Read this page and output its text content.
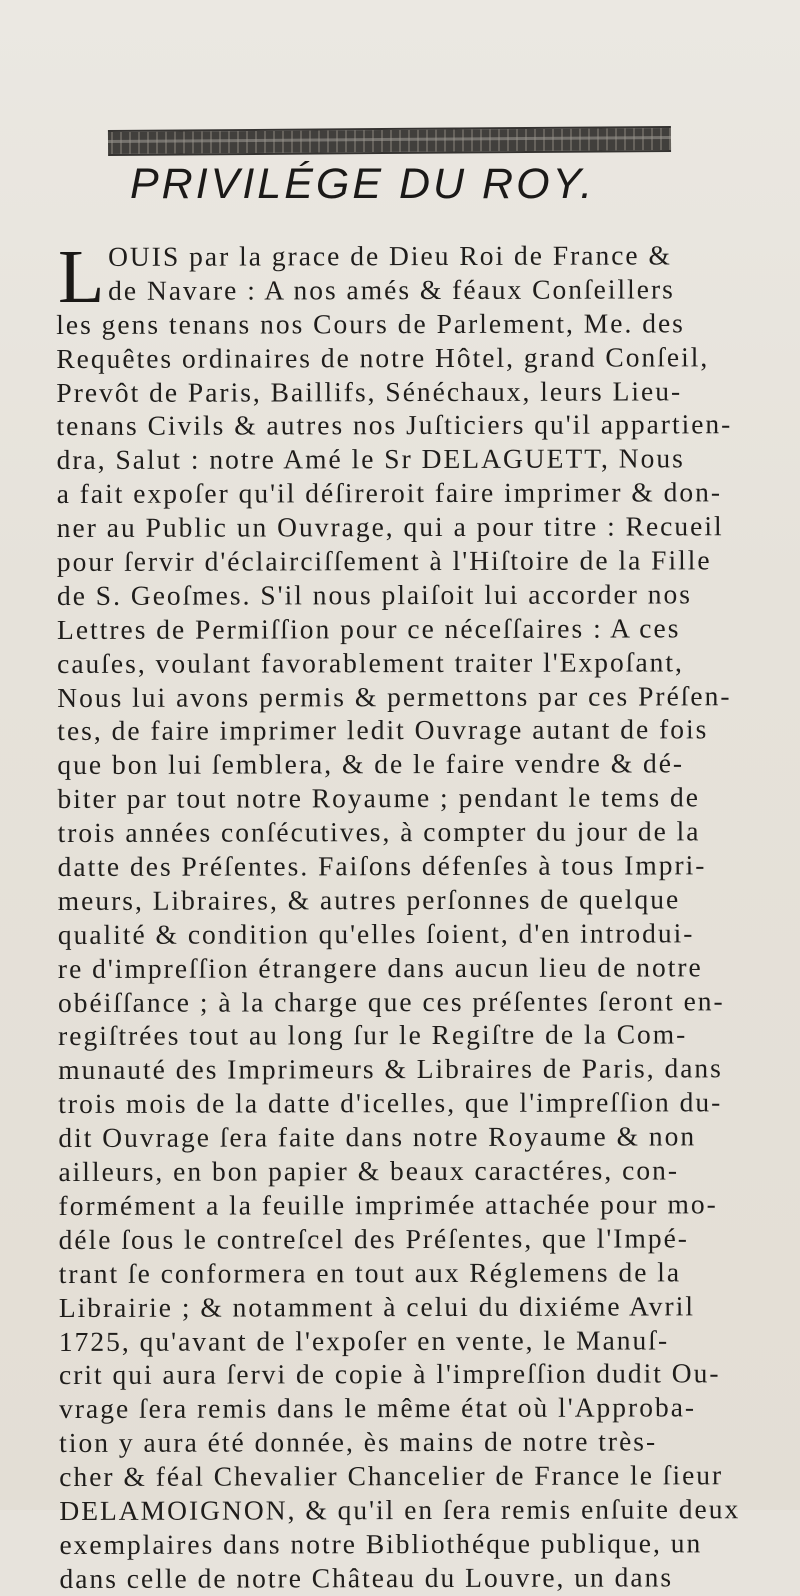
PRIVILÉGE DU ROY.
L OUIS par la grace de Dieu Roi de France &
de Navare : A nos amés & féaux Conſeillers
les gens tenans nos Cours de Parlement, Me. des
Requêtes ordinaires de notre Hôtel, grand Conſeil,
Prevôt de Paris, Baillifs, Sénéchaux, leurs Lieu-
tenans Civils & autres nos Juſticiers qu'il appartien-
dra, Salut : notre Amé le Sr DELAGUETT, Nous
a fait expoſer qu'il déſireroit faire imprimer & don-
ner au Public un Ouvrage, qui a pour titre : Recueil
pour ſervir d'éclairciſſement à l'Hiſtoire de la Fille
de S. Geoſmes. S'il nous plaiſoit lui accorder nos
Lettres de Permiſſion pour ce néceſſaires : A ces
cauſes, voulant favorablement traiter l'Expoſant,
Nous lui avons permis & permettons par ces Préſen-
tes, de faire imprimer ledit Ouvrage autant de fois
que bon lui ſemblera, & de le faire vendre & dé-
biter par tout notre Royaume ; pendant le tems de
trois années conſécutives, à compter du jour de la
datte des Préſentes. Faiſons défenſes à tous Impri-
meurs, Libraires, & autres perſonnes de quelque
qualité & condition qu'elles ſoient, d'en introdui-
re d'impreſſion étrangere dans aucun lieu de notre
obéiſſance ; à la charge que ces préſentes ſeront en-
regiſtrées tout au long ſur le Regiſtre de la Com-
munauté des Imprimeurs & Libraires de Paris, dans
trois mois de la datte d'icelles, que l'impreſſion du-
dit Ouvrage ſera faite dans notre Royaume & non
ailleurs, en bon papier & beaux caractéres, con-
formément a la feuille imprimée attachée pour mo-
déle ſous le contreſcel des Préſentes, que l'Impé-
trant ſe conformera en tout aux Réglemens de la
Librairie ; & notamment à celui du dixiéme Avril
1725, qu'avant de l'expoſer en vente, le Manuſ-
crit qui aura ſervi de copie à l'impreſſion dudit Ou-
vrage ſera remis dans le même état où l'Approba-
tion y aura été donnée, ès mains de notre très-
cher & féal Chevalier Chancelier de France le ſieur
DELAMOIGNON, & qu'il en ſera remis enſuite deux
exemplaires dans notre Bibliothéque publique, un
dans celle de notre Château du Louvre, un dans
